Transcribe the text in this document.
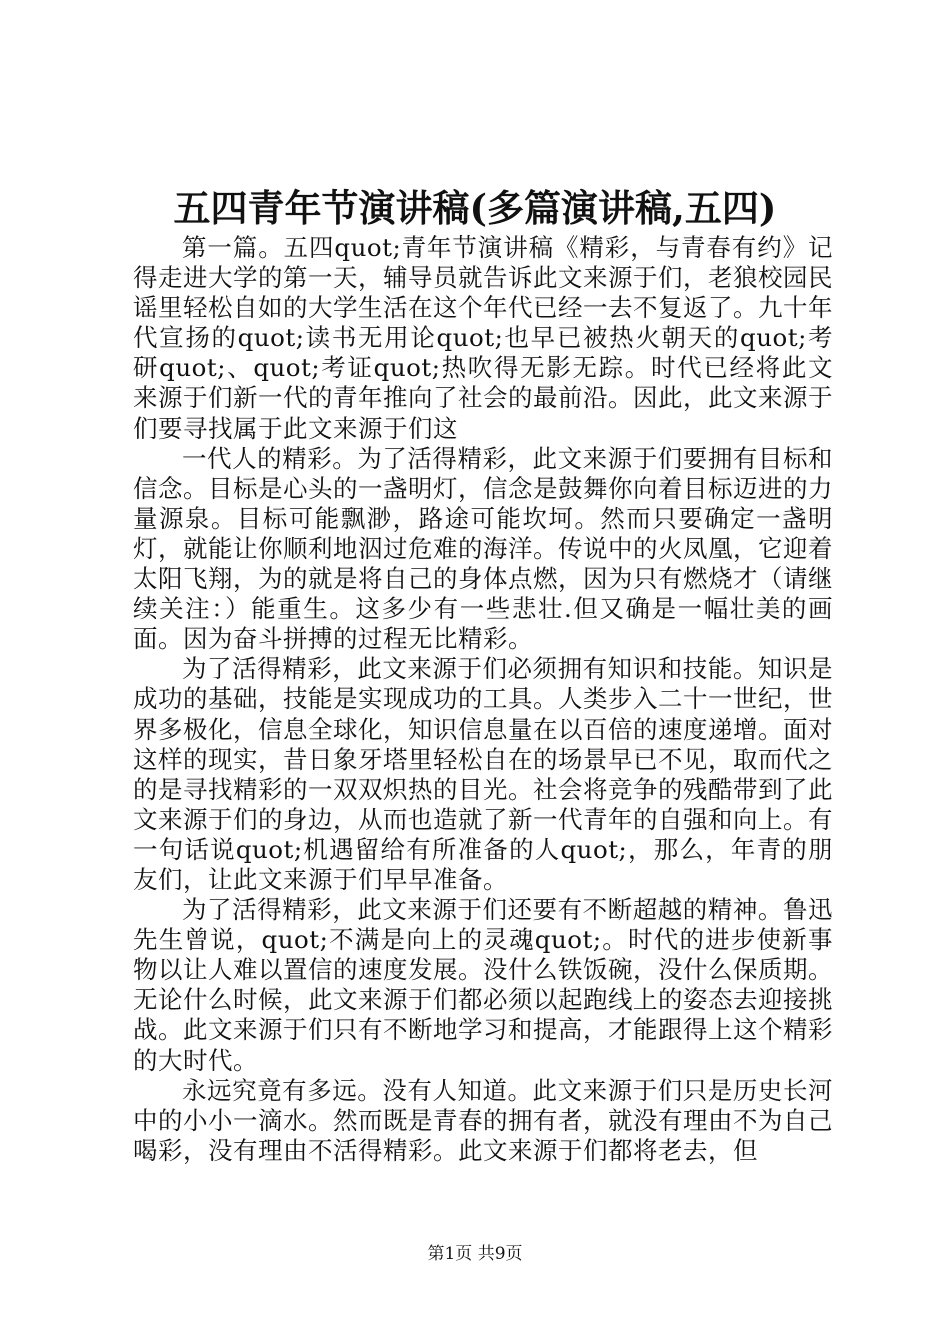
五四青年节演讲稿(多篇演讲稿,五四)

第一篇。五四quot;青年节演讲稿《精彩，与青春有约》记得走进大学的第一天，辅导员就告诉此文来源于们，老狼校园民谣里轻松自如的大学生活在这个年代已经一去不复返了。九十年代宣扬的quot;读书无用论quot;也早已被热火朝天的quot;考研quot;、quot;考证quot;热吹得无影无踪。时代已经将此文来源于们新一代的青年推向了社会的最前沿。因此，此文来源于们要寻找属于此文来源于们这

一代人的精彩。为了活得精彩，此文来源于们要拥有目标和信念。目标是心头的一盏明灯，信念是鼓舞你向着目标迈进的力量源泉。目标可能飘渺，路途可能坎坷。然而只要确定一盏明灯，就能让你顺利地泅过危难的海洋。传说中的火凤凰，它迎着太阳飞翔，为的就是将自己的身体点燃，因为只有燃烧才（请继续关注：）能重生。这多少有一些悲壮.但又确是一幅壮美的画面。因为奋斗拼搏的过程无比精彩。

为了活得精彩，此文来源于们必须拥有知识和技能。知识是成功的基础，技能是实现成功的工具。人类步入二十一世纪，世界多极化，信息全球化，知识信息量在以百倍的速度递增。面对这样的现实，昔日象牙塔里轻松自在的场景早已不见，取而代之的是寻找精彩的一双双炽热的目光。社会将竞争的残酷带到了此文来源于们的身边，从而也造就了新一代青年的自强和向上。有一句话说quot;机遇留给有所准备的人quot;，那么，年青的朋友们，让此文来源于们早早准备。

为了活得精彩，此文来源于们还要有不断超越的精神。鲁迅先生曾说，quot;不满是向上的灵魂quot;。时代的进步使新事物以让人难以置信的速度发展。没什么铁饭碗，没什么保质期。无论什么时候，此文来源于们都必须以起跑线上的姿态去迎接挑战。此文来源于们只有不断地学习和提高，才能跟得上这个精彩的大时代。

永远究竟有多远。没有人知道。此文来源于们只是历史长河中的小小一滴水。然而既是青春的拥有者，就没有理由不为自己喝彩，没有理由不活得精彩。此文来源于们都将老去，但

第1页 共9页
